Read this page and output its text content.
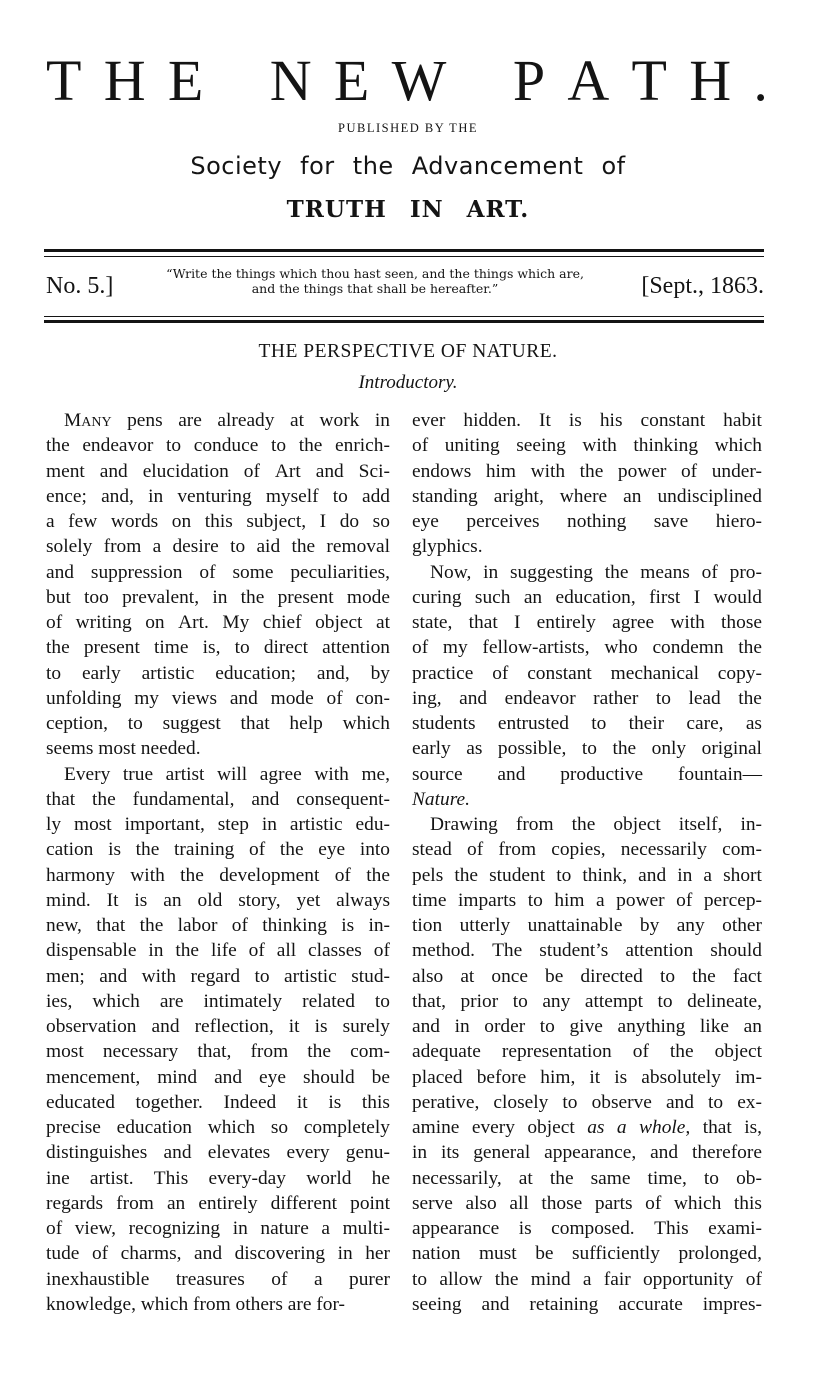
T H E N E W P A T H .
PUBLISHED BY THE
Society for the Advancement of
TRUTH IN ART.
No. 5.]	“Write the things which thou hast seen, and the things which are,
and the things that shall be hereafter.”	[Sept., 1863.
THE PERSPECTIVE OF NATURE.
Introductory.
Many pens are already at work in
the endeavor to conduce to the enrich-
ment and elucidation of Art and Sci-
ence; and, in venturing myself to add
a few words on this subject, I do so
solely from a desire to aid the removal
and suppression of some peculiarities,
but too prevalent, in the present mode
of writing on Art. My chief object at
the present time is, to direct attention
to early artistic education; and, by
unfolding my views and mode of con-
ception, to suggest that help which
seems most needed.
Every true artist will agree with me,
that the fundamental, and consequent-
ly most important, step in artistic edu-
cation is the training of the eye into
harmony with the development of the
mind. It is an old story, yet always
new, that the labor of thinking is in-
dispensable in the life of all classes of
men; and with regard to artistic stud-
ies, which are intimately related to
observation and reflection, it is surely
most necessary that, from the com-
mencement, mind and eye should be
educated together. Indeed it is this
precise education which so completely
distinguishes and elevates every genu-
ine artist. This every-day world he
regards from an entirely different point
of view, recognizing in nature a multi-
tude of charms, and discovering in her
inexhaustible treasures of a purer
knowledge, which from others are for-
ever hidden. It is his constant habit
of uniting seeing with thinking which
endows him with the power of under-
standing aright, where an undisciplined
eye perceives nothing save hiero-
glyphics.
Now, in suggesting the means of pro-
curing such an education, first I would
state, that I entirely agree with those
of my fellow-artists, who condemn the
practice of constant mechanical copy-
ing, and endeavor rather to lead the
students entrusted to their care, as
early as possible, to the only original
source and productive fountain—
Nature.
Drawing from the object itself, in-
stead of from copies, necessarily com-
pels the student to think, and in a short
time imparts to him a power of percep-
tion utterly unattainable by any other
method. The student’s attention should
also at once be directed to the fact
that, prior to any attempt to delineate,
and in order to give anything like an
adequate representation of the object
placed before him, it is absolutely im-
perative, closely to observe and to ex-
amine every object as a whole, that is,
in its general appearance, and therefore
necessarily, at the same time, to ob-
serve also all those parts of which this
appearance is composed. This exami-
nation must be sufficiently prolonged,
to allow the mind a fair opportunity of
seeing and retaining accurate impres-
